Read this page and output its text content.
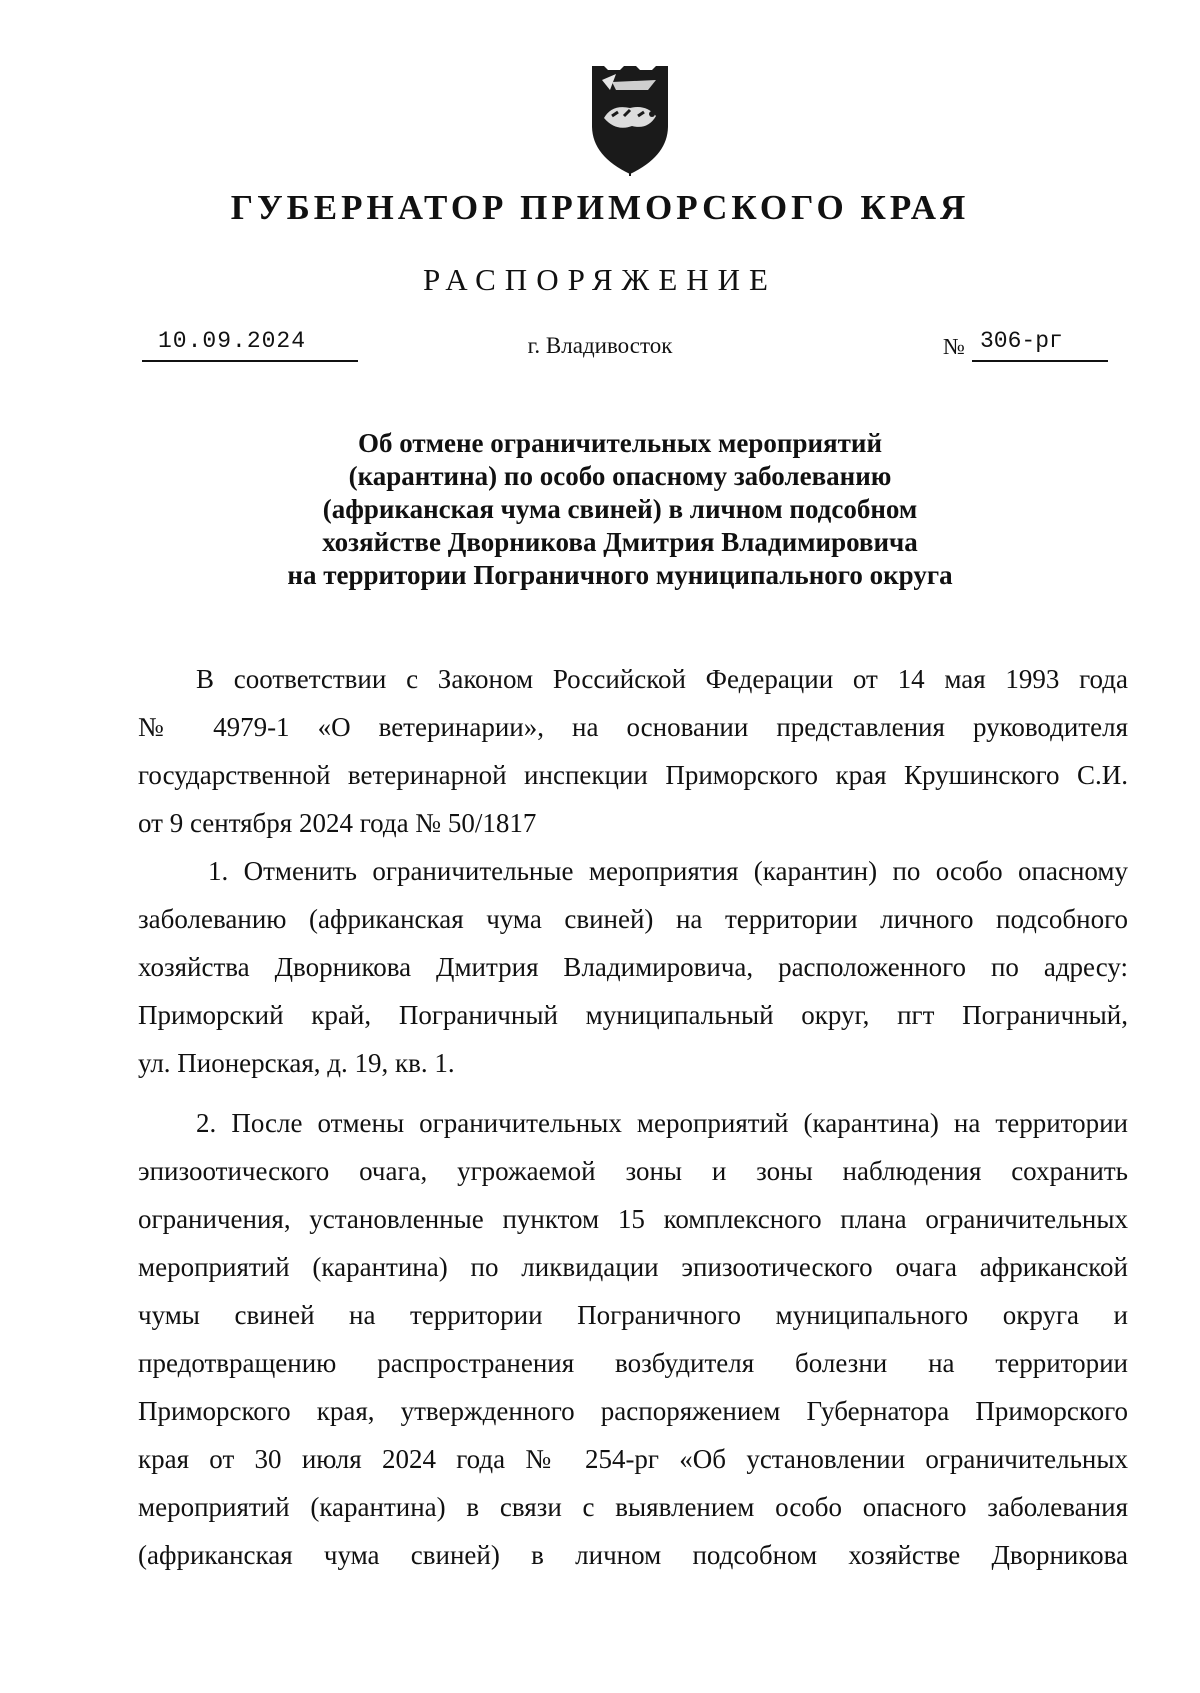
ГУБЕРНАТОР ПРИМОРСКОГО КРАЯ
РАСПОРЯЖЕНИЕ
10.09.2024	г. Владивосток	№ 306-рг
Об отмене ограничительных мероприятий
(карантина) по особо опасному заболеванию
(африканская чума свиней) в личном подсобном
хозяйстве Дворникова Дмитрия Владимировича
на территории Пограничного муниципального округа
В соответствии с Законом Российской Федерации от 14 мая 1993 года
№ 4979-1 «О ветеринарии», на основании представления руководителя
государственной ветеринарной инспекции Приморского края Крушинского С.И.
от 9 сентября 2024 года № 50/1817
1. Отменить ограничительные мероприятия (карантин) по особо опасному
заболеванию (африканская чума свиней) на территории личного подсобного
хозяйства Дворникова Дмитрия Владимировича, расположенного по адресу:
Приморский край, Пограничный муниципальный округ, пгт Пограничный,
ул. Пионерская, д. 19, кв. 1.
2. После отмены ограничительных мероприятий (карантина) на территории
эпизоотического очага, угрожаемой зоны и зоны наблюдения сохранить
ограничения, установленные пунктом 15 комплексного плана ограничительных
мероприятий (карантина) по ликвидации эпизоотического очага африканской
чумы свиней на территории Пограничного муниципального округа и
предотвращению распространения возбудителя болезни на территории
Приморского края, утвержденного распоряжением Губернатора Приморского
края от 30 июля 2024 года № 254-рг «Об установлении ограничительных
мероприятий (карантина) в связи с выявлением особо опасного заболевания
(африканская чума свиней) в личном подсобном хозяйстве Дворникова
